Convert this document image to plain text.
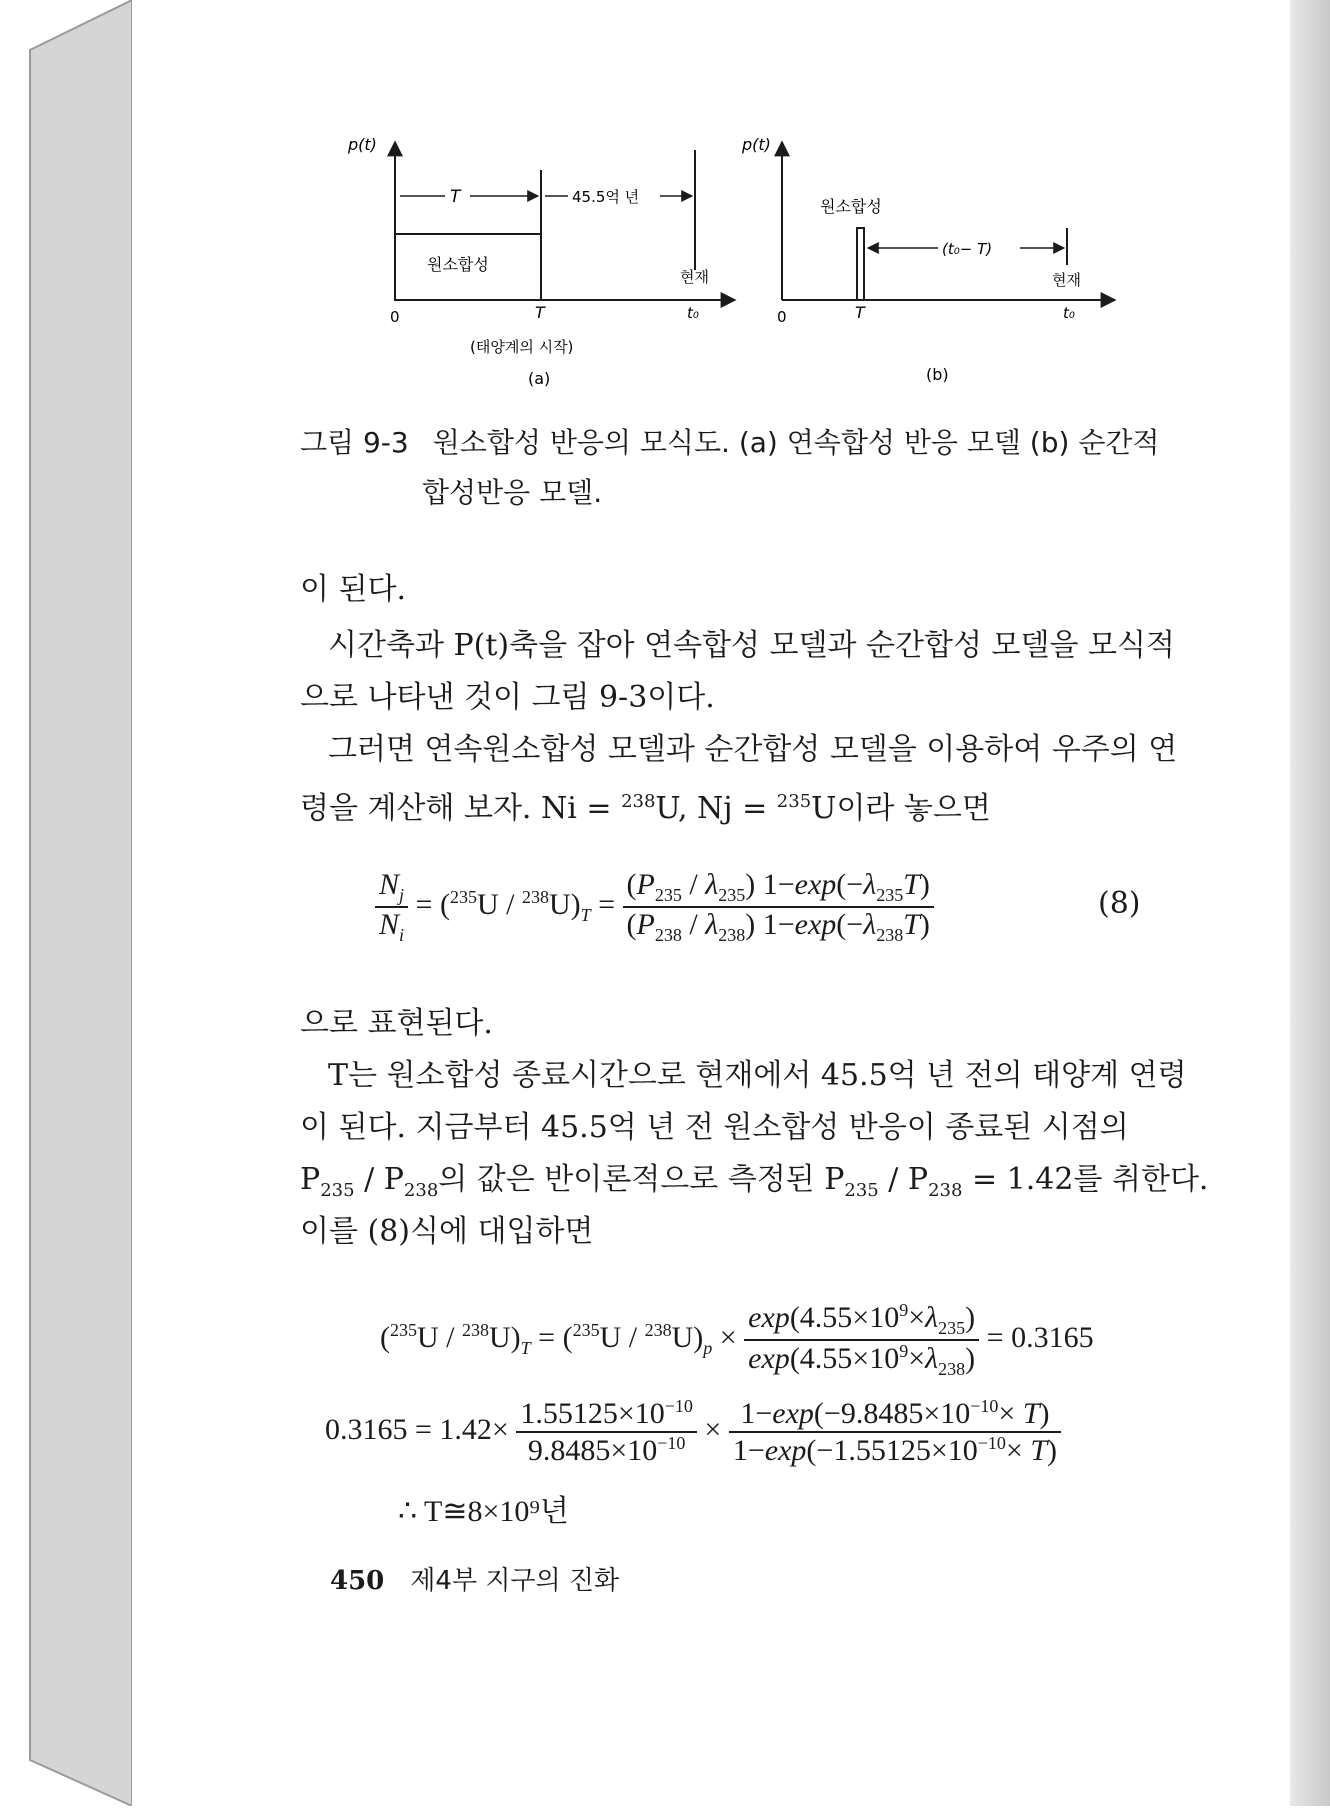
p(t)
T	45.5억 년
원소합성
현재
0	T	t₀
(태양계의 시작)
(a)
p(t)
원소합성
(t₀− T)
현재
0	T	t₀
(b)
그림 9-3 원소합성 반응의 모식도. (a) 연속합성 반응 모델 (b) 순간적
합성반응 모델.
이 된다.
시간축과 P(t)축을 잡아 연속합성 모델과 순간합성 모델을 모식적
으로 나타낸 것이 그림 9-3이다.
그러면 연속원소합성 모델과 순간합성 모델을 이용하여 우주의 연
령을 계산해 보자. Ni = $^{238}$U, Nj = $^{235}$U이라 놓으면
$\frac{N_j}{N_i} = (^{235}U / ^{238}U)_T = \frac{(P_{235} / \lambda_{235}) 1-\exp(-\lambda_{235}T)}{(P_{238} / \lambda_{238}) 1-\exp(-\lambda_{238}T)}$	(8)
으로 표현된다.
T는 원소합성 종료시간으로 현재에서 45.5억 년 전의 태양계 연령
이 된다. 지금부터 45.5억 년 전 원소합성 반응이 종료된 시점의
$P_{235} / P_{238}$의 값은 반이론적으로 측정된 $P_{235} / P_{238} = 1.42$를 취한다.
이를 (8)식에 대입하면
$(^{235}U / ^{238}U)_T = (^{235}U / ^{238}U)_p \times \frac{\exp(4.55\times 10^9\times\lambda_{235})}{\exp(4.55\times 10^9\times\lambda_{238})} = 0.3165$
$0.3165 = 1.42\times \frac{1.55125\times 10^{-10}}{9.8485\times 10^{-10}} \times \frac{1-\exp(-9.8485\times 10^{-10}\times T)}{1-\exp(-1.55125\times 10^{-10}\times T)}$
∴ T≅8×10⁹년
450 제4부 지구의 진화
